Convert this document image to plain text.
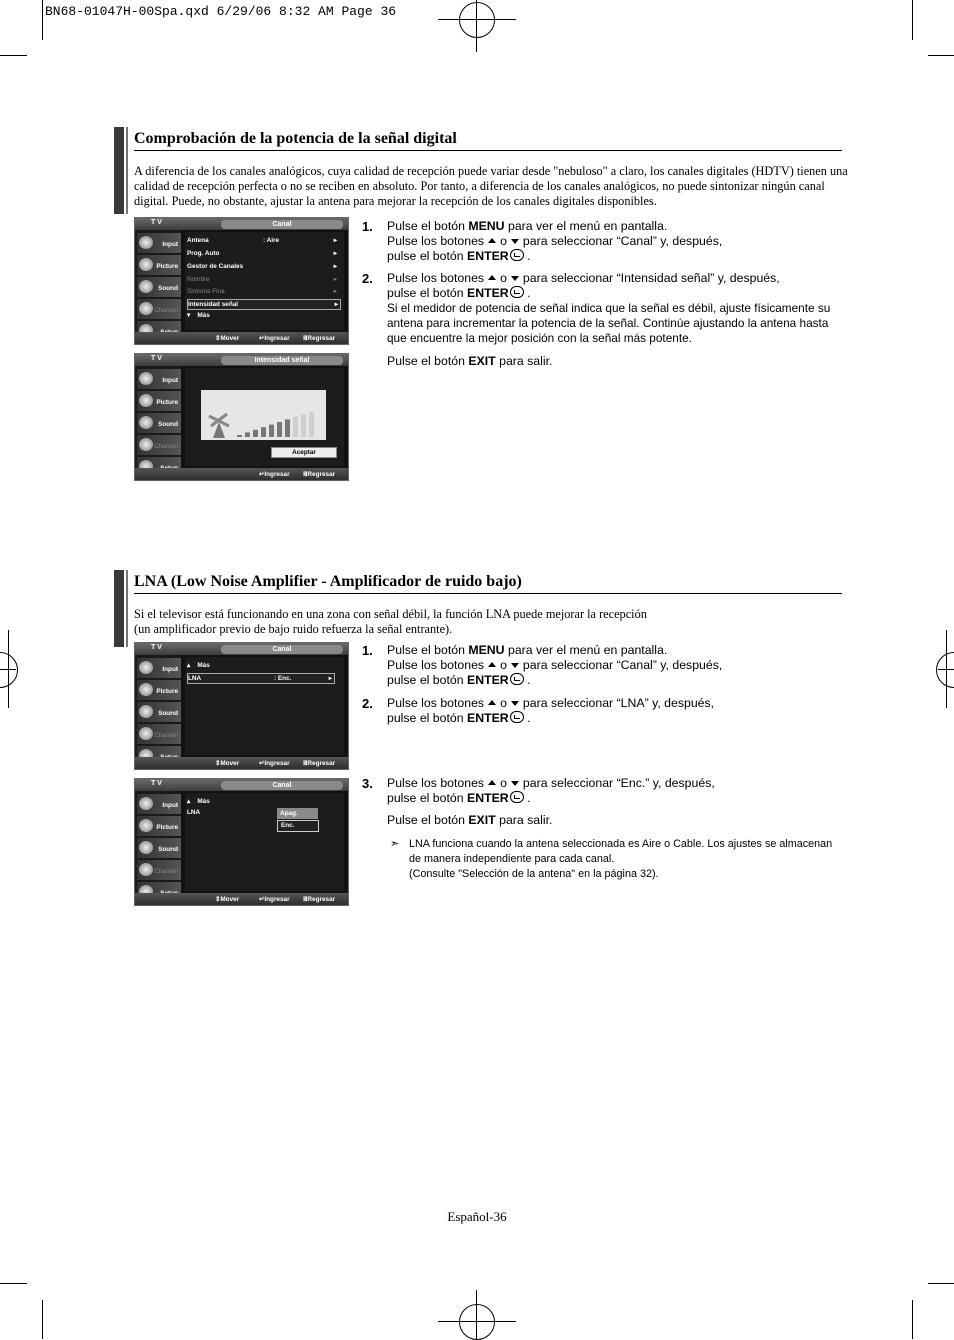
BN68-01047H-00Spa.qxd 6/29/06 8:32 AM Page 36
Comprobación de la potencia de la señal digital
A diferencia de los canales analógicos, cuya calidad de recepción puede variar desde "nebuloso" a claro, los canales digitales (HDTV) tienen una calidad de recepción perfecta o no se reciben en absoluto. Por tanto, a diferencia de los canales analógicos, no puede sintonizar ningún canal digital. Puede, no obstante, ajustar la antena para mejorar la recepción de los canales digitales disponibles.
1. Pulse el botón MENU para ver el menú en pantalla.
Pulse los botones o para seleccionar “Canal” y, después,
pulse el botón ENTER .
2. Pulse los botones o para seleccionar “Intensidad señal” y, después,
pulse el botón ENTER .
Si el medidor de potencia de señal indica que la señal es débil, ajuste físicamente su antena para incrementar la potencia de la señal. Continúe ajustando la antena hasta que encuentre la mejor posición con la señal más potente.
Pulse el botón EXIT para salir.
T V	Canal
Input
Picture
Sound
Channel
Antena	: Aire	▸
Prog. Auto	▸
Gestor de Canales	▸
Nombre	▸
Sintonía Fina	▸
Intensidad señal	▸
▾ Más
⇕Mover	↵Ingresar ⅢRegresar
T V	Intensidad señal
Input
Picture
Sound
Channel
Aceptar
↵Ingresar ⅢRegresar
LNA (Low Noise Amplifier - Amplificador de ruido bajo)
Si el televisor está funcionando en una zona con señal débil, la función LNA puede mejorar la recepción
(un amplificador previo de bajo ruido refuerza la señal entrante).
1. Pulse el botón MENU para ver el menú en pantalla.
Pulse los botones o para seleccionar “Canal” y, después,
pulse el botón ENTER .
2. Pulse los botones o para seleccionar “LNA” y, después,
pulse el botón ENTER .
3. Pulse los botones o para seleccionar “Enc.” y, después,
pulse el botón ENTER .
Pulse el botón EXIT para salir.
➣ LNA funciona cuando la antena seleccionada es Aire o Cable. Los ajustes se almacenan
de manera independiente para cada canal.
(Consulte "Selección de la antena" en la página 32).
T V	Canal
Input
Picture
Sound
Channel
▴ Más
LNA	: Enc.	▸
⇕Mover	↵Ingresar ⅢRegresar
T V	Canal
Input
Picture
Sound
Channel
▴ Más
LNA	Apag.
Enc.
⇕Mover	↵Ingresar ⅢRegresar
Español-36
